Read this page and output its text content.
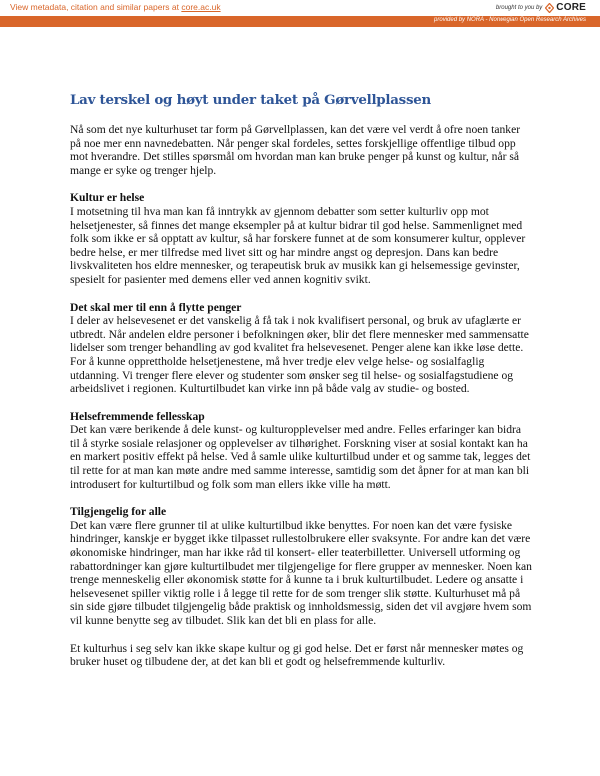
View metadata, citation and similar papers at core.ac.uk	brought to you by CORE
provided by NORA - Norwegian Open Research Archives
Lav terskel og høyt under taket på Gørvellplassen

Nå som det nye kulturhuset tar form på Gørvellplassen, kan det være vel verdt å ofre noen tanker på noe mer enn navnedebatten. Når penger skal fordeles, settes forskjellige offentlige tilbud opp mot hverandre. Det stilles spørsmål om hvordan man kan bruke penger på kunst og kultur, når så mange er syke og trenger hjelp.

Kultur er helse

I motsetning til hva man kan få inntrykk av gjennom debatter som setter kulturliv opp mot helsetjenester, så finnes det mange eksempler på at kultur bidrar til god helse. Sammenlignet med folk som ikke er så opptatt av kultur, så har forskere funnet at de som konsumerer kultur, opplever bedre helse, er mer tilfredse med livet sitt og har mindre angst og depresjon. Dans kan bedre livskvaliteten hos eldre mennesker, og terapeutisk bruk av musikk kan gi helsemessige gevinster, spesielt for pasienter med demens eller ved annen kognitiv svikt.

Det skal mer til enn å flytte penger

I deler av helsevesenet er det vanskelig å få tak i nok kvalifisert personal, og bruk av ufaglærte er utbredt. Når andelen eldre personer i befolkningen øker, blir det flere mennesker med sammensatte lidelser som trenger behandling av god kvalitet fra helsevesenet. Penger alene kan ikke løse dette. For å kunne opprettholde helsetjenestene, må hver tredje elev velge helse- og sosialfaglig utdanning. Vi trenger flere elever og studenter som ønsker seg til helse- og sosialfagstudiene og arbeidslivet i regionen. Kulturtilbudet kan virke inn på både valg av studie- og bosted.

Helsefremmende fellesskap

Det kan være berikende å dele kunst- og kulturopplevelser med andre. Felles erfaringer kan bidra til å styrke sosiale relasjoner og opplevelser av tilhørighet. Forskning viser at sosial kontakt kan ha en markert positiv effekt på helse. Ved å samle ulike kulturtilbud under et og samme tak, legges det til rette for at man kan møte andre med samme interesse, samtidig som det åpner for at man kan bli introdusert for kulturtilbud og folk som man ellers ikke ville ha møtt.

Tilgjengelig for alle

Det kan være flere grunner til at ulike kulturtilbud ikke benyttes. For noen kan det være fysiske hindringer, kanskje er bygget ikke tilpasset rullestolbrukere eller svaksynte. For andre kan det være økonomiske hindringer, man har ikke råd til konsert- eller teaterbilletter. Universell utforming og rabattordninger kan gjøre kulturtilbudet mer tilgjengelige for flere grupper av mennesker. Noen kan trenge menneskelig eller økonomisk støtte for å kunne ta i bruk kulturtilbudet. Ledere og ansatte i helsevesenet spiller viktig rolle i å legge til rette for de som trenger slik støtte. Kulturhuset må på sin side gjøre tilbudet tilgjengelig både praktisk og innholdsmessig, siden det vil avgjøre hvem som vil kunne benytte seg av tilbudet. Slik kan det bli en plass for alle.

Et kulturhus i seg selv kan ikke skape kultur og gi god helse. Det er først når mennesker møtes og bruker huset og tilbudene der, at det kan bli et godt og helsefremmende kulturliv.
